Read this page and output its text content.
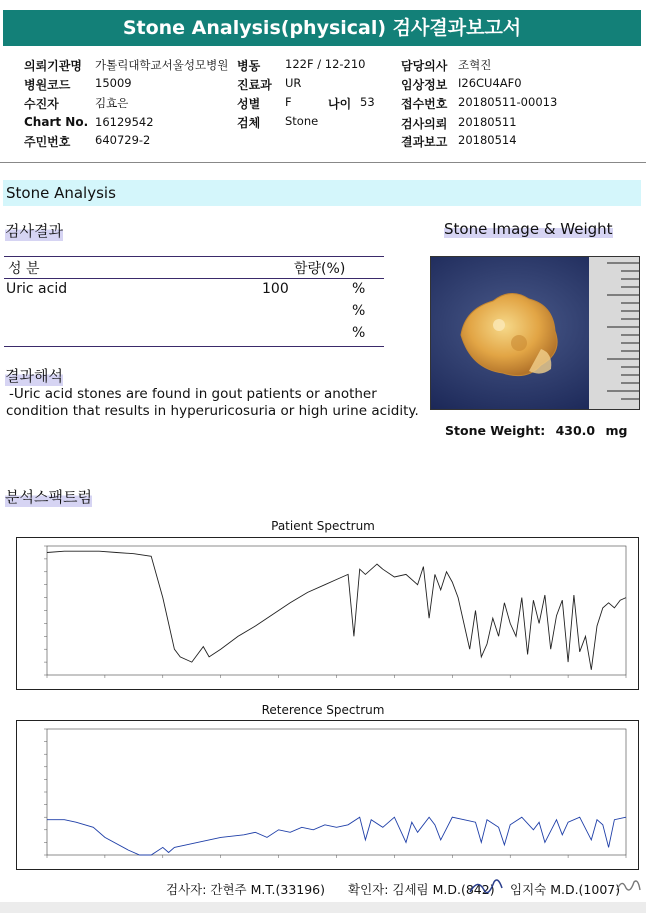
Stone Analysis(physical) 검사결과보고서
의뢰기관명 가톨릭대학교서울성모병원 병동 122F / 12-210	담당의사 조혁진
병원코드 15009	진료과 UR	임상정보 I26CU4AF0
수진자	김효은	성별 F	나이 53 접수번호 20180511-00013
Chart No. 16129542	검체 Stone	검사의뢰 20180511
주민번호 640729-2	결과보고 20180514
Stone Analysis
검사결과
성 분	함량(%)
Uric acid	100	%
%
%
Stone Image & Weight
Stone Weight: 430.0 mg
결과해석
-Uric acid stones are found in gout patients or another
condition that results in hyperuricosuria or high urine acidity.
분석스팩트럼
Patient Spectrum
Reterence Spectrum
검사자: 간현주 M.T.(33196) 확인자: 김세림 M.D.(842) 임지숙 M.D.(1007)
